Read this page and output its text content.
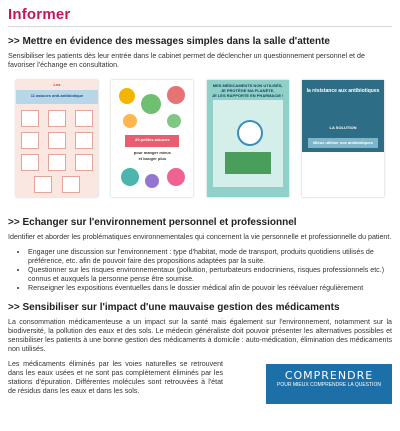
Informer
>> Mettre en évidence des messages simples dans la salle d'attente

Sensibiliser les patients dès leur entrée dans le cabinet permet de déclencher un questionnement personnel et de favoriser l'échange en consultation.

Les
11 astuces anti-antibiotique
20 petites astuces
pour manger mieux
et bouger plus
MES MÉDICAMENTS NON UTILISÉS,
JE PROTÈGE MA PLANÈTE,
JE LES RAPPORTE EN PHARMACIE !
la résistance aux antibiotiques
LA SOLUTION
Mieux utiliser nos antibiotiques
>> Echanger sur l'environnement personnel et professionnel

Identifier et aborder les problématiques environnementales qui concernent la vie personnelle et professionnelle du patient.

• Engager une discussion sur l'environnement : type d'habitat, mode de transport, produits quotidiens utilisés de préférence, etc. afin de pouvoir faire des propositions adaptées par la suite.
• Questionner sur les risques environnementaux (pollution, perturbateurs endocriniens, risques professionnels etc.) connus et auxquels la personne pense être soumise.
• Renseigner les expositions éventuelles dans le dossier médical afin de pouvoir les réévaluer régulièrement
>> Sensibiliser sur l'impact d'une mauvaise gestion des médicaments

La consommation médicamenteuse a un impact sur la santé mais également sur l'environnement, notamment sur la biodiversité, la pollution des eaux et des sols. Le médecin généraliste doit pouvoir présenter les alternatives possibles et sensibiliser les patients à une bonne gestion des médicaments à domicile : auto-médication, élimination des médicaments non utilisés.

Les médicaments éliminés par les voies naturelles se retrouvent dans les eaux usées et ne sont pas complètement éliminés par les stations d'épuration. Différentes molécules sont retrouvées à l'état de résidus dans les eaux et dans les sols.

COMPRENDRE
POUR MIEUX COMPRENDRE LA QUESTION
